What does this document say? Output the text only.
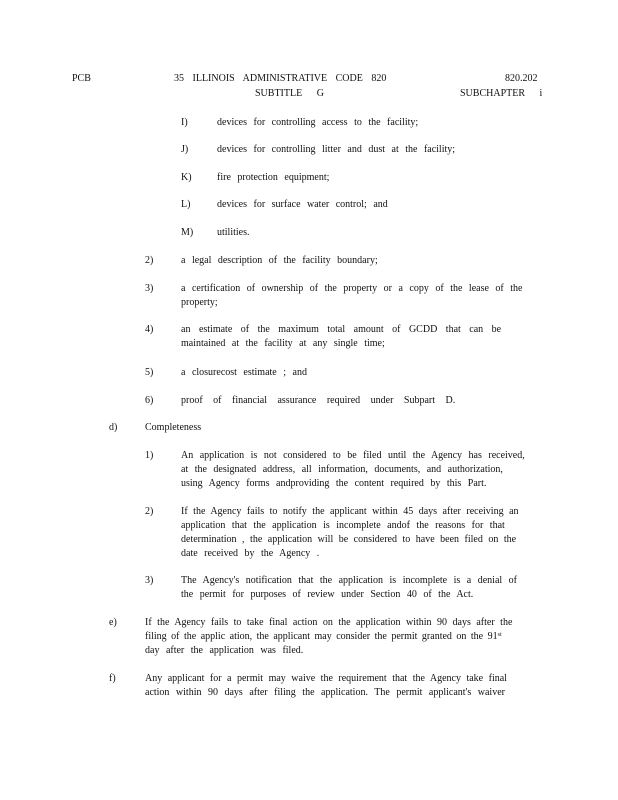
PCB	35 ILLINOIS ADMINISTRATIVE CODE 820	820.202
SUBTITLE G	SUBCHAPTER i
I)	devices for controlling access to the facility;
J)	devices for controlling litter and dust at the facility;
K)	fire protection equipment;
L)	devices for surface water control; and
M) utilities.
2)	a legal description of the facility boundary;
3)	a certification of ownership of the property or a copy of the lease of the
property;
4)	an estimate of the maximum total amount of GCDD that can be
maintained at the facility at any single time;
5)	a closurecost estimate ; and
6)	proof of financial assurance required under Subpart D.
d)	Completeness
1)	An application is not considered to be filed until the Agency has received,
at the designated address, all information, documents, and authorization,
using Agency forms andproviding the content required by this Part.
2)	If the Agency fails to notify the applicant within 45 days after receiving an
application that the application is incomplete andof the reasons for that
determination , the application will be considered to have been filed on the
date received by the Agency .
3)	The Agency's notification that the application is incomplete is a denial of
the permit for purposes of review under Section 40 of the Act.
e)	If the Agency fails to take final action on the application within 90 days after the
filing of the applic ation, the applicant may consider the permit granted on the 91st
day after the application was filed.
f)	Any applicant for a permit may waive the requirement that the Agency take final
action within 90 days after filing the application. The permit applicant's waiver
